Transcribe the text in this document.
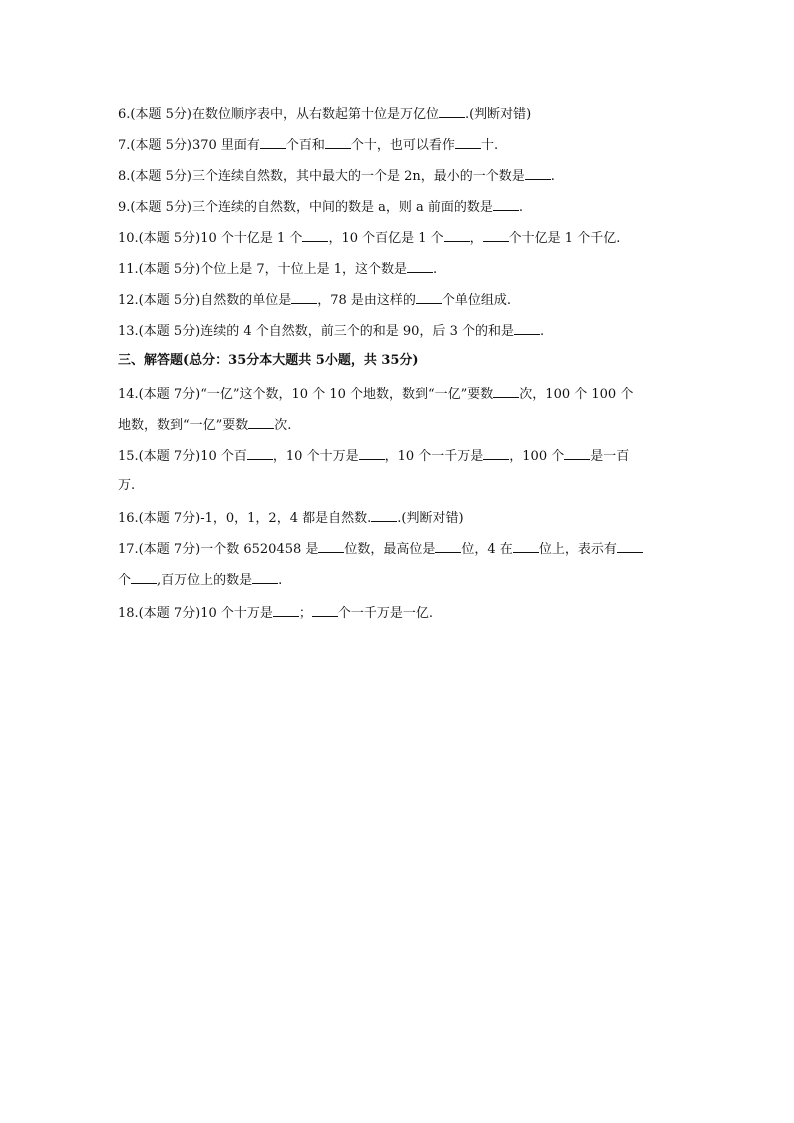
6.(本题 5分)在数位顺序表中，从右数起第十位是万亿位 .(判断对错)
7.(本题 5分)370 里面有 个百和 个十，也可以看作 十.
8.(本题 5分)三个连续自然数，其中最大的一个是 2n，最小的一个数是 .
9.(本题 5分)三个连续的自然数，中间的数是 a，则 a 前面的数是 .
10.(本题 5分)10 个十亿是 1 个 ，10 个百亿是 1 个 ， 个十亿是 1 个千亿.
11.(本题 5分)个位上是 7，十位上是 1，这个数是 .
12.(本题 5分)自然数的单位是 ，78 是由这样的 个单位组成.
13.(本题 5分)连续的 4 个自然数，前三个的和是 90，后 3 个的和是 .
三、解答题(总分：35分本大题共 5小题，共 35分)
14.(本题 7分)“一亿”这个数，10 个 10 个地数，数到“一亿”要数 次，100 个 100 个
地数，数到“一亿”要数 次.
15.(本题 7分)10 个百 ，10 个十万是 ，10 个一千万是 ，100 个 是一百
万.
16.(本题 7分)-1，0，1，2，4 都是自然数. .(判断对错)
17.(本题 7分)一个数 6520458 是 位数，最高位是 位，4 在 位上，表示有
个 ,百万位上的数是 .
18.(本题 7分)10 个十万是 ； 个一千万是一亿.
